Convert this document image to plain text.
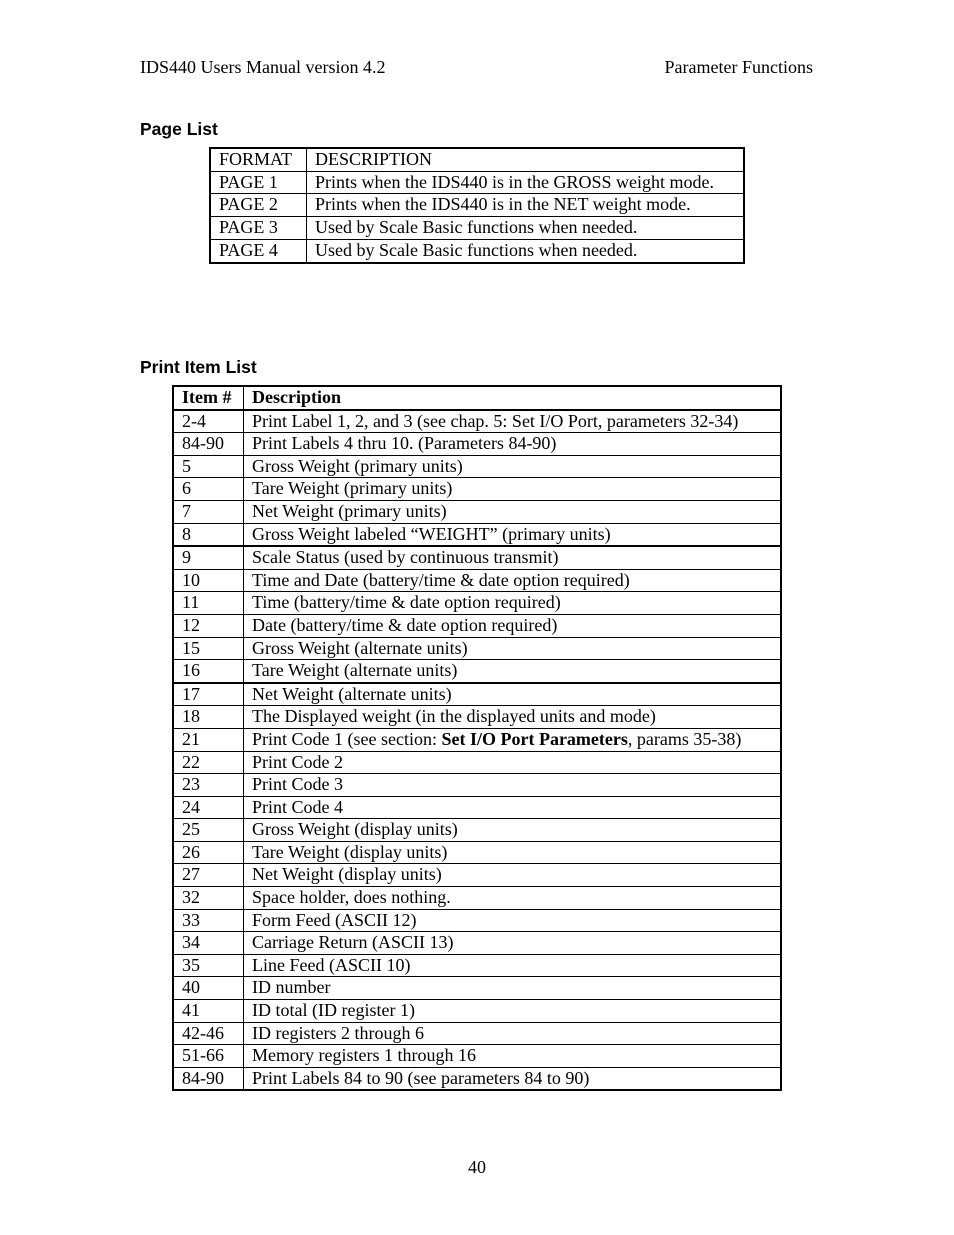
IDS440 Users Manual version 4.2	Parameter Functions
Page List
FORMAT	DESCRIPTION
PAGE 1	Prints when the IDS440 is in the GROSS weight mode.
PAGE 2	Prints when the IDS440 is in the NET weight mode.
PAGE 3	Used by Scale Basic functions when needed.
PAGE 4	Used by Scale Basic functions when needed.
Print Item List
Item #	Description
2-4	Print Label 1, 2, and 3 (see chap. 5: Set I/O Port, parameters 32-34)
84-90	Print Labels 4 thru 10. (Parameters 84-90)
5	Gross Weight (primary units)
6	Tare Weight (primary units)
7	Net Weight (primary units)
8	Gross Weight labeled “WEIGHT” (primary units)
9	Scale Status (used by continuous transmit)
10	Time and Date (battery/time & date option required)
11	Time (battery/time & date option required)
12	Date (battery/time & date option required)
15	Gross Weight (alternate units)
16	Tare Weight (alternate units)
17	Net Weight (alternate units)
18	The Displayed weight (in the displayed units and mode)
21	Print Code 1 (see section: Set I/O Port Parameters, params 35-38)
22	Print Code 2
23	Print Code 3
24	Print Code 4
25	Gross Weight (display units)
26	Tare Weight (display units)
27	Net Weight (display units)
32	Space holder, does nothing.
33	Form Feed (ASCII 12)
34	Carriage Return (ASCII 13)
35	Line Feed (ASCII 10)
40	ID number
41	ID total (ID register 1)
42-46	ID registers 2 through 6
51-66	Memory registers 1 through 16
84-90	Print Labels 84 to 90 (see parameters 84 to 90)
40
